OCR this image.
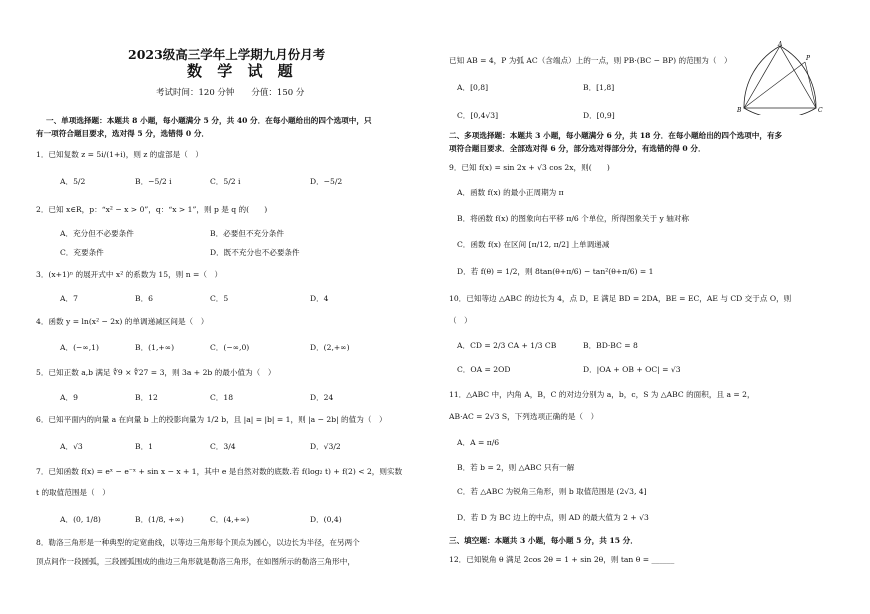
2023级高三学年上学期九月份月考
数 学 试 题
考试时间：120 分钟　　分值：150 分
一、单项选择题：本题共 8 小题，每小题满分 5 分，共 40 分．在每小题给出的四个选项中，只
有一项符合题目要求，选对得 5 分，选错得 0 分．
1．已知复数 z = 5i/(1+i)，则 z 的虚部是（　）
A．5/2	B．−5/2 i	C．5/2 i	D．−5/2
2．已知 x∈R，p：“x² − x > 0”，q：“x > 1”，则 p 是 q 的(　　)
A．充分但不必要条件	B．必要但不充分条件
C．充要条件	D．既不充分也不必要条件
3．(x+1)ⁿ 的展开式中 x² 的系数为 15，则 n =（　）
A．7	B．6	C．5	D．4
4．函数 y = ln(x² − 2x) 的单调递减区间是（　）
A．(−∞,1)	B．(1,+∞)	C．(−∞,0)	D．(2,+∞)
5．已知正数 a,b 满足 ∜9 × ∜27 = 3，则 3a + 2b 的最小值为（　）
A．9	B．12	C．18	D．24
6．已知平面内的向量 a 在向量 b 上的投影向量为 1/2 b，且 |a| = |b| = 1，则 |a − 2b| 的值为（　）
A．√3	B．1	C．3/4	D．√3/2
7．已知函数 f(x) = eˣ − e⁻ˣ + sin x − x + 1，其中 e 是自然对数的底数.若 f(log₂ t) + f(2) < 2，则实数
t 的取值范围是（　）
A．(0, 1/8)	B．(1/8, +∞)	C．(4,+∞)	D．(0,4)
8．勒洛三角形是一种典型的定宽曲线，以等边三角形每个顶点为圆心，以边长为半径，在另两个
顶点间作一段圆弧，三段圆弧围成的曲边三角形就是勒洛三角形，在如图所示的勒洛三角形中，
已知 AB = 4，P 为弧 AC（含端点）上的一点，则 PB·(BC − BP) 的范围为（　）
A．[0,8]	B．[1,8]
C．[0,4√3]	D．[0,9]
A
B	C
P
二、多项选择题：本题共 3 小题，每小题满分 6 分，共 18 分．在每小题给出的四个选项中，有多
项符合题目要求．全部选对得 6 分，部分选对得部分分，有选错的得 0 分．
9．已知 f(x) = sin 2x + √3 cos 2x，则(　　)
A．函数 f(x) 的最小正周期为 π
B．将函数 f(x) 的图象向右平移 π/6 个单位，所得图象关于 y 轴对称
C．函数 f(x) 在区间 [π/12, π/2] 上单调递减
D．若 f(θ) = 1/2，则 8tan(θ+π/6) − tan²(θ+π/6) = 1
10．已知等边 △ABC 的边长为 4，点 D，E 满足 BD = 2DA，BE = EC，AE 与 CD 交于点 O，则
（　）
A．CD = 2/3 CA + 1/3 CB	B．BD·BC = 8
C．OA = 2OD	D．|OA + OB + OC| = √3
11．△ABC 中，内角 A，B，C 的对边分别为 a，b，c，S 为 △ABC 的面积，且 a = 2，
AB·AC = 2√3 S，下列选项正确的是（　）
A．A = π/6
B．若 b = 2，则 △ABC 只有一解
C．若 △ABC 为锐角三角形，则 b 取值范围是 (2√3, 4]
D．若 D 为 BC 边上的中点，则 AD 的最大值为 2 + √3
三、填空题：本题共 3 小题，每小题 5 分，共 15 分．
12．已知锐角 θ 满足 2cos 2θ = 1 + sin 2θ，则 tan θ = ______
